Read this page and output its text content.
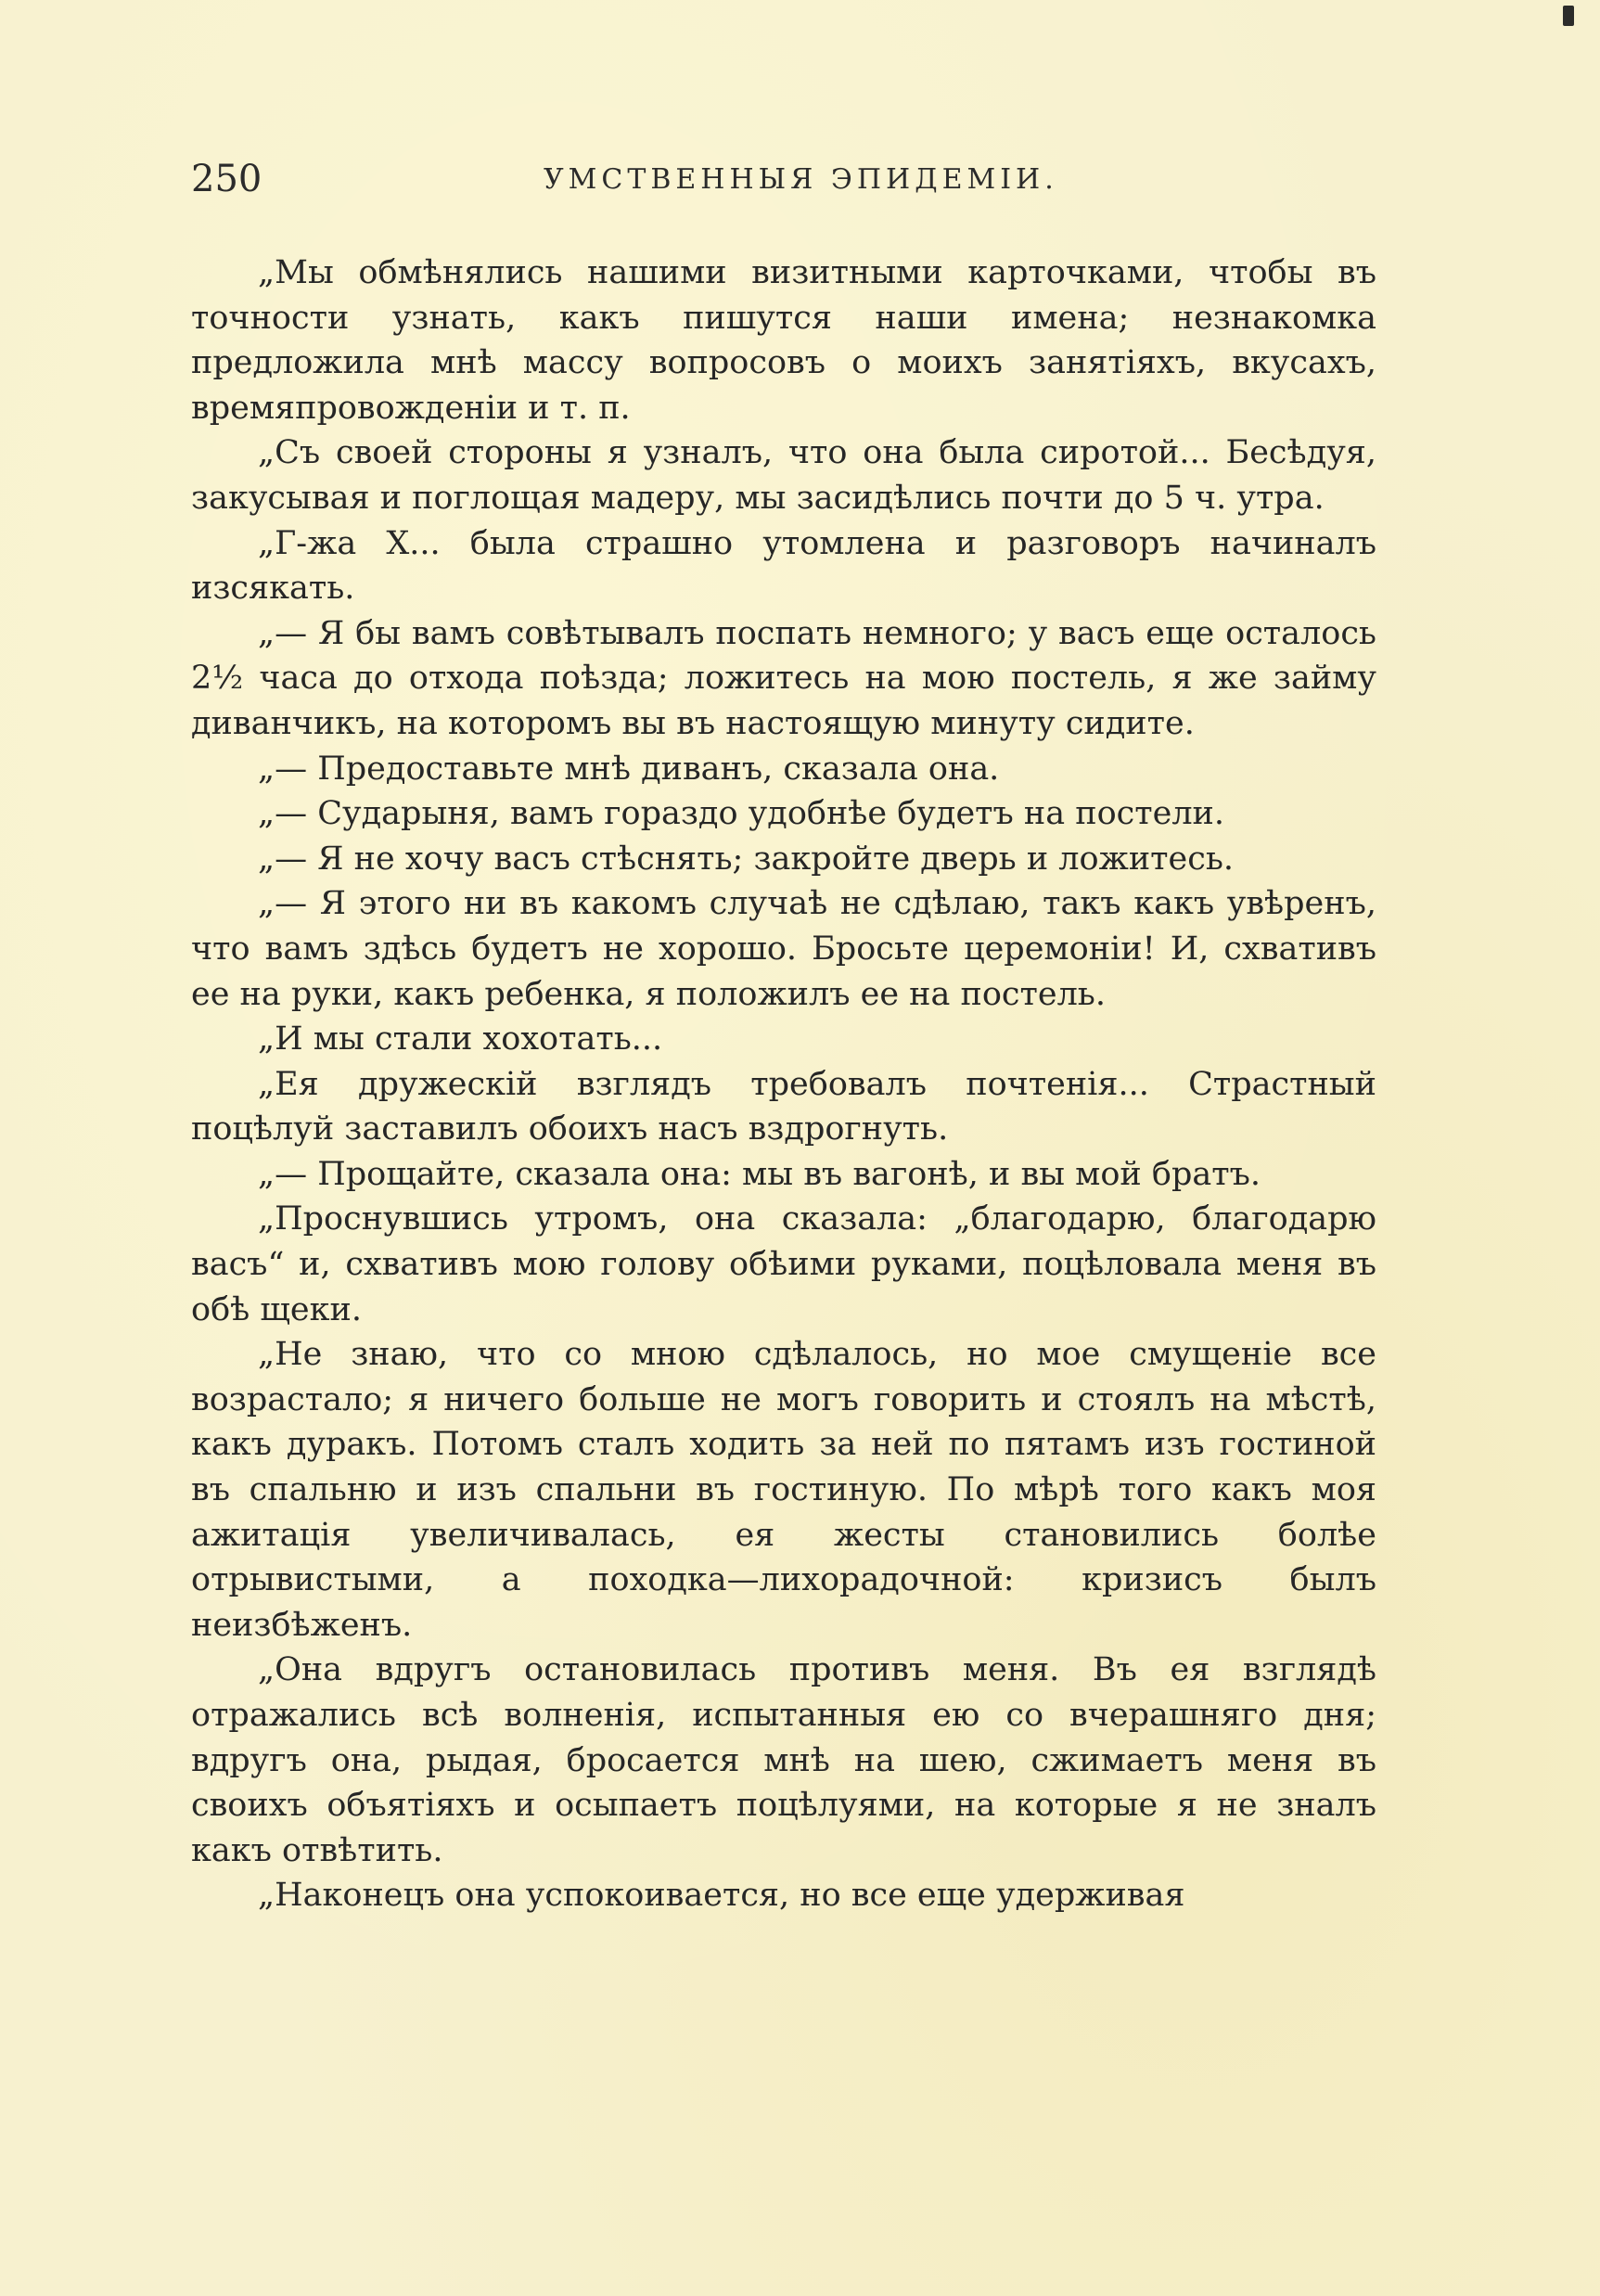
250	УМСТВЕННЫЯ ЭПИДЕМIИ.

„Мы обмѣнялись нашими визитными карточками, чтобы въ точности узнать, какъ пишутся наши имена; незнакомка предложила мнѣ массу вопросовъ о моихъ занятiяхъ, вкусахъ, времяпровожденiи и т. п.

„Съ своей стороны я узналъ, что она была сиротой... Бесѣдуя, закусывая и поглощая мадеру, мы засидѣлись почти до 5 ч. утра.

„Г-жа Х... была страшно утомлена и разговоръ начиналъ изсякать.

„— Я бы вамъ совѣтывалъ поспать немного; у васъ еще осталось 2½ часа до отхода поѣзда; ложитесь на мою постель, я же займу диванчикъ, на которомъ вы въ настоящую минуту сидите.

„— Предоставьте мнѣ диванъ, сказала она.

„— Сударыня, вамъ гораздо удобнѣе будетъ на постели.

„— Я не хочу васъ стѣснять; закройте дверь и ложитесь.

„— Я этого ни въ какомъ случаѣ не сдѣлаю, такъ какъ увѣренъ, что вамъ здѣсь будетъ не хорошо. Бросьте церемонiи! И, схвативъ ее на руки, какъ ребенка, я положилъ ее на постель.

„И мы стали хохотать...

„Ея дружескiй взглядъ требовалъ почтенiя... Страстный поцѣлуй заставилъ обоихъ насъ вздрогнуть.

„— Прощайте, сказала она: мы въ вагонѣ, и вы мой братъ.

„Проснувшись утромъ, она сказала: „благодарю, благодарю васъ“ и, схвативъ мою голову обѣими руками, поцѣловала меня въ обѣ щеки.

„Не знаю, что со мною сдѣлалось, но мое смущенiе все возрастало; я ничего больше не могъ говорить и стоялъ на мѣстѣ, какъ дуракъ. Потомъ сталъ ходить за ней по пятамъ изъ гостиной въ спальню и изъ спальни въ гостиную. По мѣрѣ того какъ моя ажитацiя увеличивалась, ея жесты становились болѣе отрывистыми, а походка—лихорадочной: кризисъ былъ неизбѣженъ.

„Она вдругъ остановилась противъ меня. Въ ея взглядѣ отражались всѣ волненiя, испытанныя ею со вчерашняго дня; вдругъ она, рыдая, бросается мнѣ на шею, сжимаетъ меня въ своихъ объятiяхъ и осыпаетъ поцѣлуями, на которые я не зналъ какъ отвѣтить.

„Наконецъ она успокоивается, но все еще удерживая
